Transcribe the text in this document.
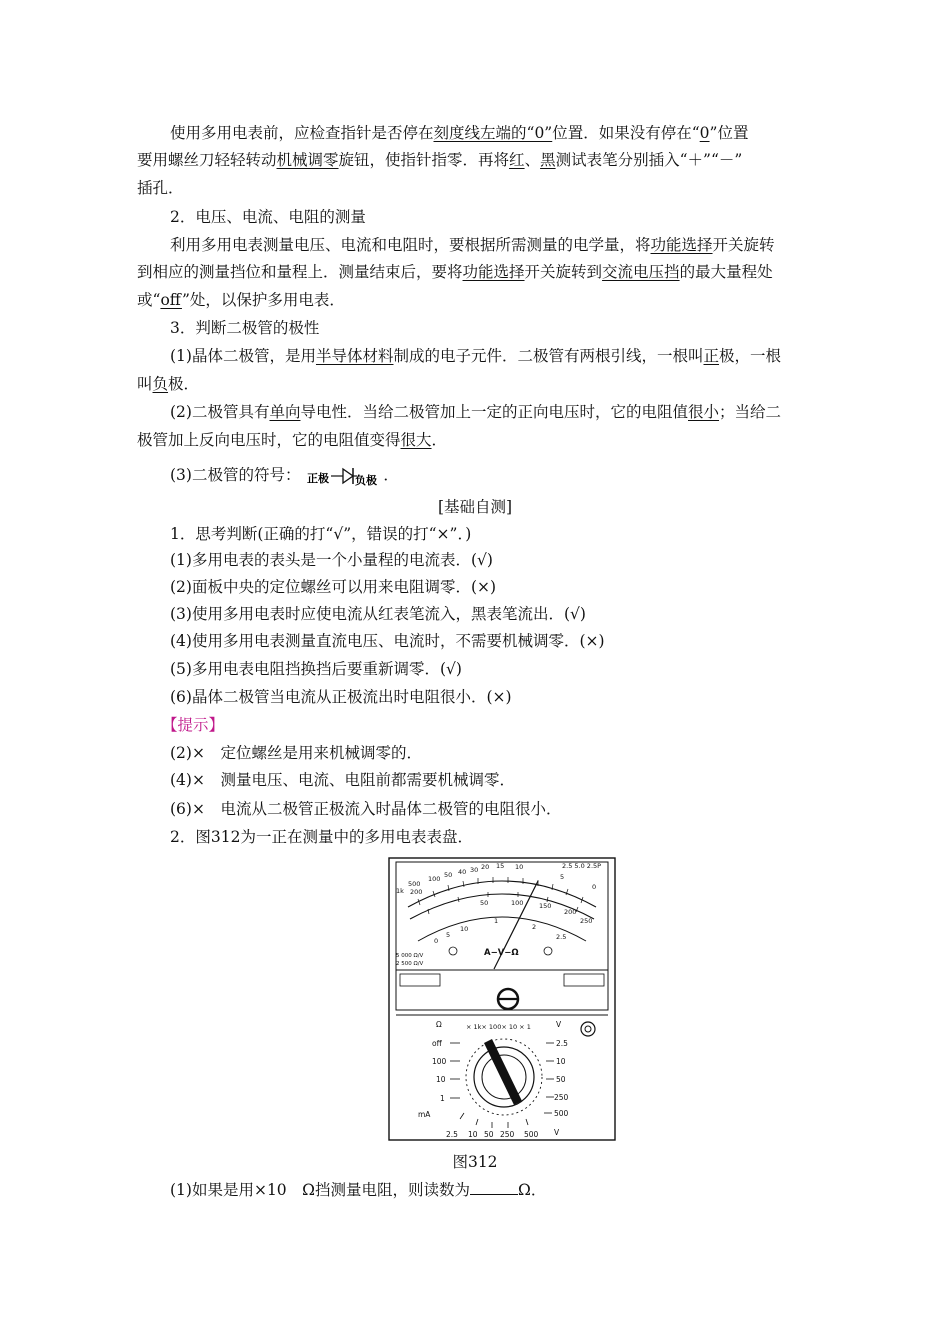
使用多用电表前，应检查指针是否停在刻度线左端的“0”位置．如果没有停在“0”位置
要用螺丝刀轻轻转动机械调零旋钮，使指针指零．再将红、黑测试表笔分别插入“＋”“－”
插孔．
2．电压、电流、电阻的测量
利用多用电表测量电压、电流和电阻时，要根据所需测量的电学量，将功能选择开关旋转
到相应的测量挡位和量程上．测量结束后，要将功能选择开关旋转到交流电压挡的最大量程处
或“off”处，以保护多用电表．
3．判断二极管的极性
(1)晶体二极管，是用半导体材料制成的电子元件．二极管有两根引线，一根叫正极，一根
叫负极．
(2)二极管具有单向导电性．当给二极管加上一定的正向电压时，它的电阻值很小；当给二
极管加上反向电压时，它的电阻值变得很大．
(3)二极管的符号： 正极 负极 ．
[基础自测]
1．思考判断(正确的打“√”，错误的打“×”．)
(1)多用电表的表头是一个小量程的电流表．(√)
(2)面板中央的定位螺丝可以用来电阻调零．(×)
(3)使用多用电表时应使电流从红表笔流入，黑表笔流出．(√)
(4)使用多用电表测量直流电压、电流时，不需要机械调零．(×)
(5)多用电表电阻挡换挡后要重新调零．(√)
(6)晶体二极管当电流从正极流出时电阻很小．(×)
【提示】
(2)×　定位螺丝是用来机械调零的．
(4)×　测量电压、电流、电阻前都需要机械调零．
(6)×　电流从二极管正极流入时晶体二极管的电阻很小．
2．图312为一正在测量中的多用电表表盘．
1k
500
200
100 50 40 30 20 15 10
5
0
2.5 5.0 2.5P
50	100 150
200
250
0
5
10
1
2
2.5
5 000 Ω/V
2 500 Ω/V
A−V−Ω
Ω	× 1k× 100× 10 × 1	V
off
100
10
1
2.5
10
50
250
500
mA
2.5 10 50 250 500 V
图312
(1)如果是用×10　Ω挡测量电阻，则读数为	Ω．
